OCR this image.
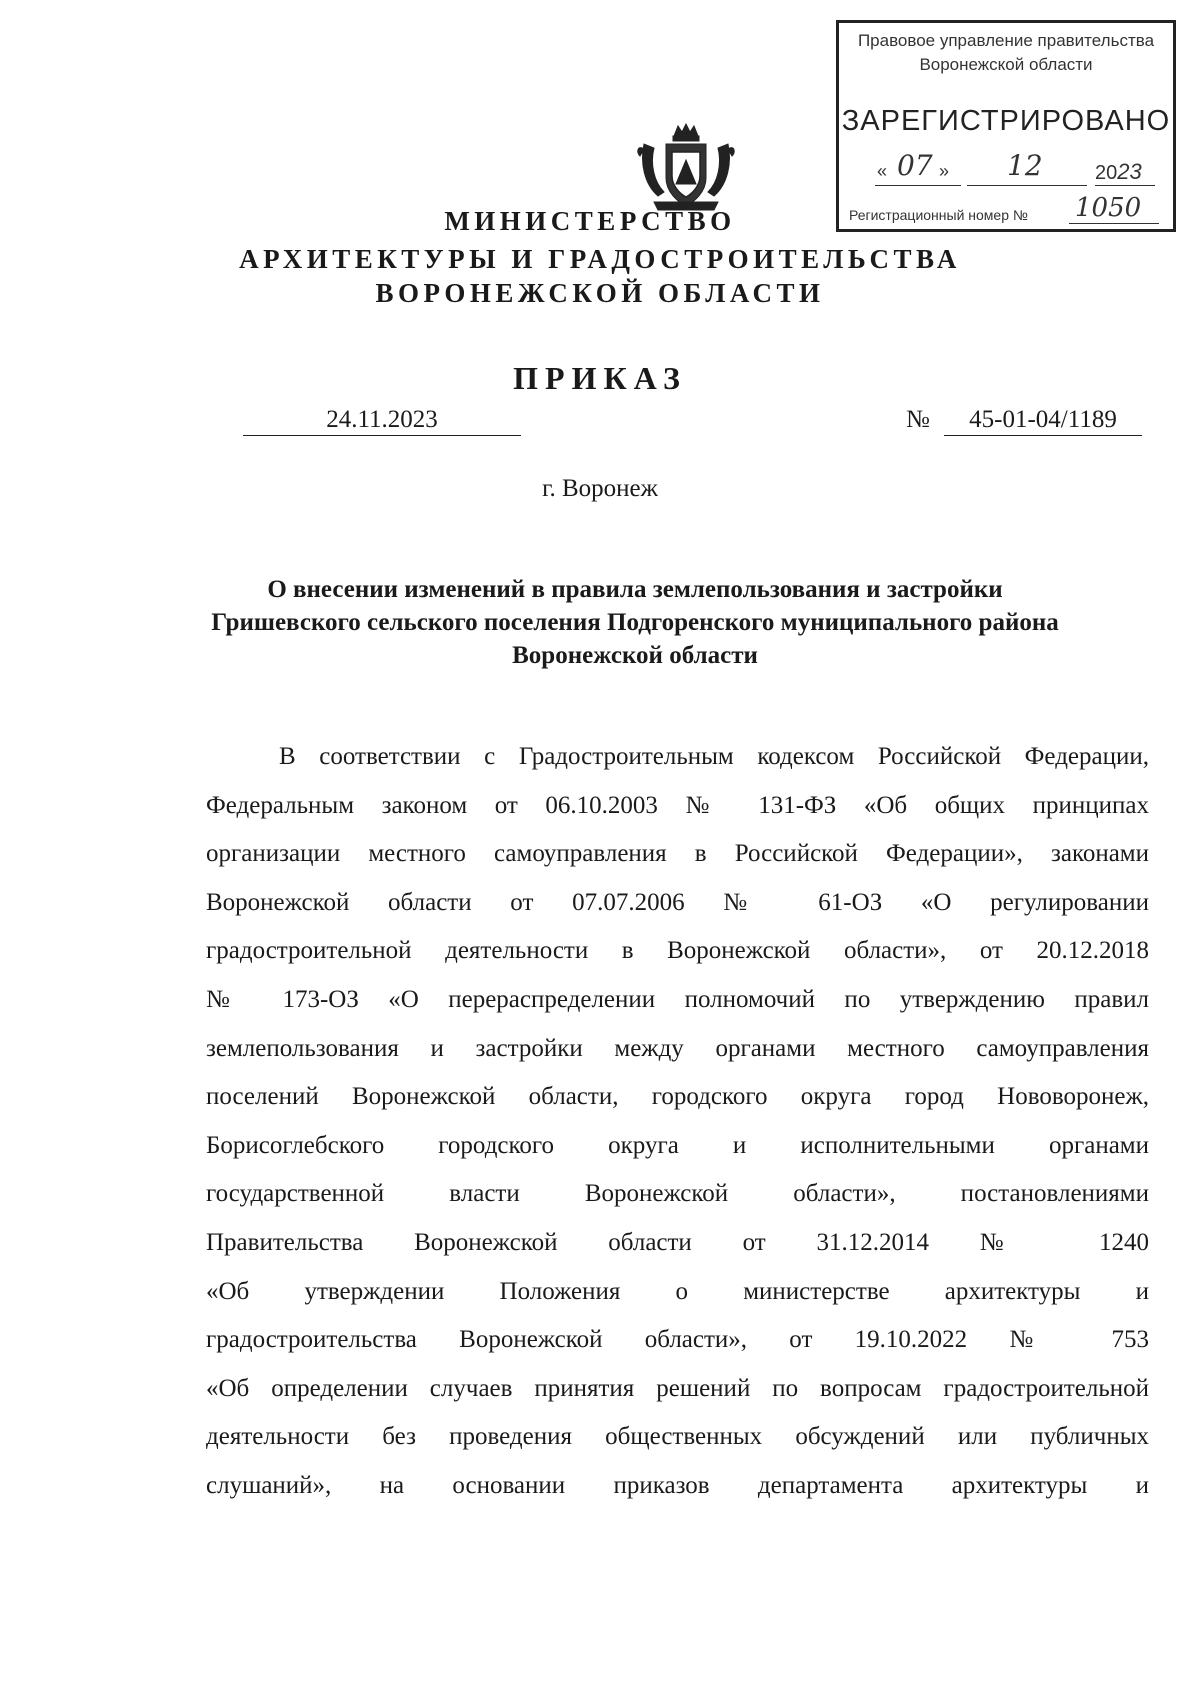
Правовое управление правительства
Воронежской области
ЗАРЕГИСТРИРОВАНО
« 07 » 12	2023
Регистрационный номер № 1050
МИНИСТЕРСТВО
АРХИТЕКТУРЫ И ГРАДОСТРОИТЕЛЬСТВА
ВОРОНЕЖСКОЙ ОБЛАСТИ
ПРИКАЗ
24.11.2023	№	45-01-04/1189
г. Воронеж
О внесении изменений в правила землепользования и застройки Гришевского сельского поселения Подгоренского муниципального района Воронежской области
В соответствии с Градостроительным кодексом Российской Федерации,
Федеральным законом от 06.10.2003 № 131-ФЗ «Об общих принципах
организации местного самоуправления в Российской Федерации», законами
Воронежской области от 07.07.2006 № 61-ОЗ «О регулировании
градостроительной деятельности в Воронежской области», от 20.12.2018
№ 173-ОЗ «О перераспределении полномочий по утверждению правил
землепользования и застройки между органами местного самоуправления
поселений Воронежской области, городского округа город Нововоронеж,
Борисоглебского городского округа и исполнительными органами
государственной власти Воронежской области», постановлениями
Правительства Воронежской области от 31.12.2014 № 1240
«Об утверждении Положения о министерстве архитектуры и
градостроительства Воронежской области», от 19.10.2022 № 753
«Об определении случаев принятия решений по вопросам градостроительной
деятельности без проведения общественных обсуждений или публичных
слушаний», на основании приказов департамента архитектуры и
